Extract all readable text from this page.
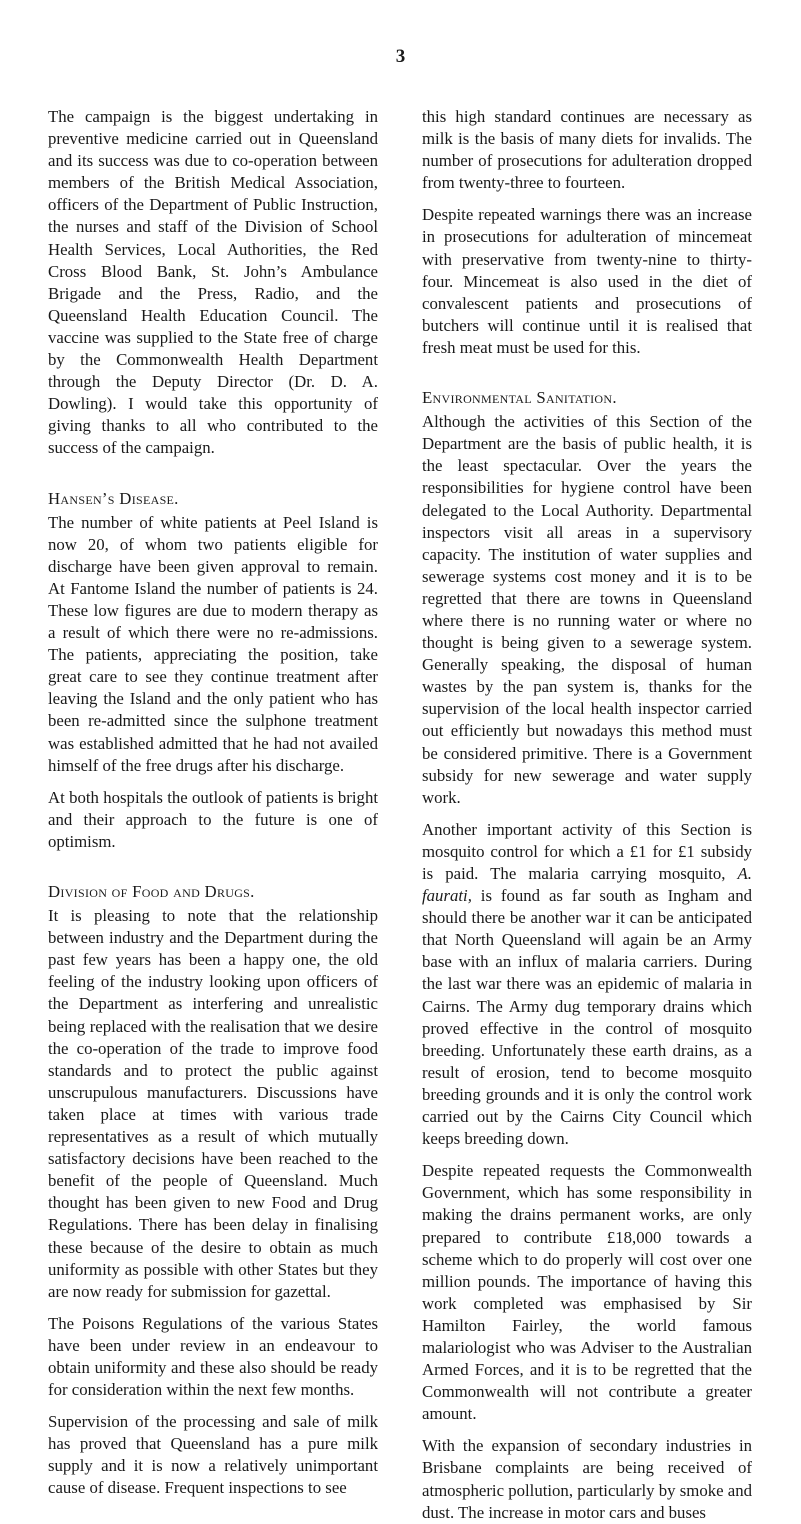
3

The campaign is the biggest undertaking in preventive medicine carried out in Queensland and its success was due to co-operation between members of the British Medical Association, officers of the Department of Public Instruction, the nurses and staff of the Division of School Health Services, Local Authorities, the Red Cross Blood Bank, St. John’s Ambulance Brigade and the Press, Radio, and the Queensland Health Education Council. The vaccine was supplied to the State free of charge by the Commonwealth Health Department through the Deputy Director (Dr. D. A. Dowling). I would take this opportunity of giving thanks to all who contributed to the success of the campaign.

Hansen’s Disease.

The number of white patients at Peel Island is now 20, of whom two patients eligible for discharge have been given approval to remain. At Fantome Island the number of patients is 24. These low figures are due to modern therapy as a result of which there were no re-admissions. The patients, appreciating the position, take great care to see they continue treatment after leaving the Island and the only patient who has been re-admitted since the sulphone treatment was established admitted that he had not availed himself of the free drugs after his discharge.

At both hospitals the outlook of patients is bright and their approach to the future is one of optimism.

Division of Food and Drugs.

It is pleasing to note that the relationship between industry and the Department during the past few years has been a happy one, the old feeling of the industry looking upon officers of the Department as interfering and unrealistic being replaced with the realisation that we desire the co-operation of the trade to improve food standards and to protect the public against unscrupulous manufacturers. Discussions have taken place at times with various trade representatives as a result of which mutually satisfactory decisions have been reached to the benefit of the people of Queensland. Much thought has been given to new Food and Drug Regulations. There has been delay in finalising these because of the desire to obtain as much uniformity as possible with other States but they are now ready for submission for gazettal.

The Poisons Regulations of the various States have been under review in an endeavour to obtain uniformity and these also should be ready for consideration within the next few months.

Supervision of the processing and sale of milk has proved that Queensland has a pure milk supply and it is now a relatively unimportant cause of disease. Frequent inspections to see

this high standard continues are necessary as milk is the basis of many diets for invalids. The number of prosecutions for adulteration dropped from twenty-three to fourteen.

Despite repeated warnings there was an increase in prosecutions for adulteration of mincemeat with preservative from twenty-nine to thirty-four. Mincemeat is also used in the diet of convalescent patients and prosecutions of butchers will continue until it is realised that fresh meat must be used for this.

Environmental Sanitation.

Although the activities of this Section of the Department are the basis of public health, it is the least spectacular. Over the years the responsibilities for hygiene control have been delegated to the Local Authority. Departmental inspectors visit all areas in a supervisory capacity. The institution of water supplies and sewerage systems cost money and it is to be regretted that there are towns in Queensland where there is no running water or where no thought is being given to a sewerage system. Generally speaking, the disposal of human wastes by the pan system is, thanks for the supervision of the local health inspector carried out efficiently but nowadays this method must be considered primitive. There is a Government subsidy for new sewerage and water supply work.

Another important activity of this Section is mosquito control for which a £1 for £1 subsidy is paid. The malaria carrying mosquito, A. faurati, is found as far south as Ingham and should there be another war it can be anticipated that North Queensland will again be an Army base with an influx of malaria carriers. During the last war there was an epidemic of malaria in Cairns. The Army dug temporary drains which proved effective in the control of mosquito breeding. Unfortunately these earth drains, as a result of erosion, tend to become mosquito breeding grounds and it is only the control work carried out by the Cairns City Council which keeps breeding down.

Despite repeated requests the Commonwealth Government, which has some responsibility in making the drains permanent works, are only prepared to contribute £18,000 towards a scheme which to do properly will cost over one million pounds. The importance of having this work completed was emphasised by Sir Hamilton Fairley, the world famous malariologist who was Adviser to the Australian Armed Forces, and it is to be regretted that the Commonwealth will not contribute a greater amount.

With the expansion of secondary industries in Brisbane complaints are being received of atmospheric pollution, particularly by smoke and dust. The increase in motor cars and buses
